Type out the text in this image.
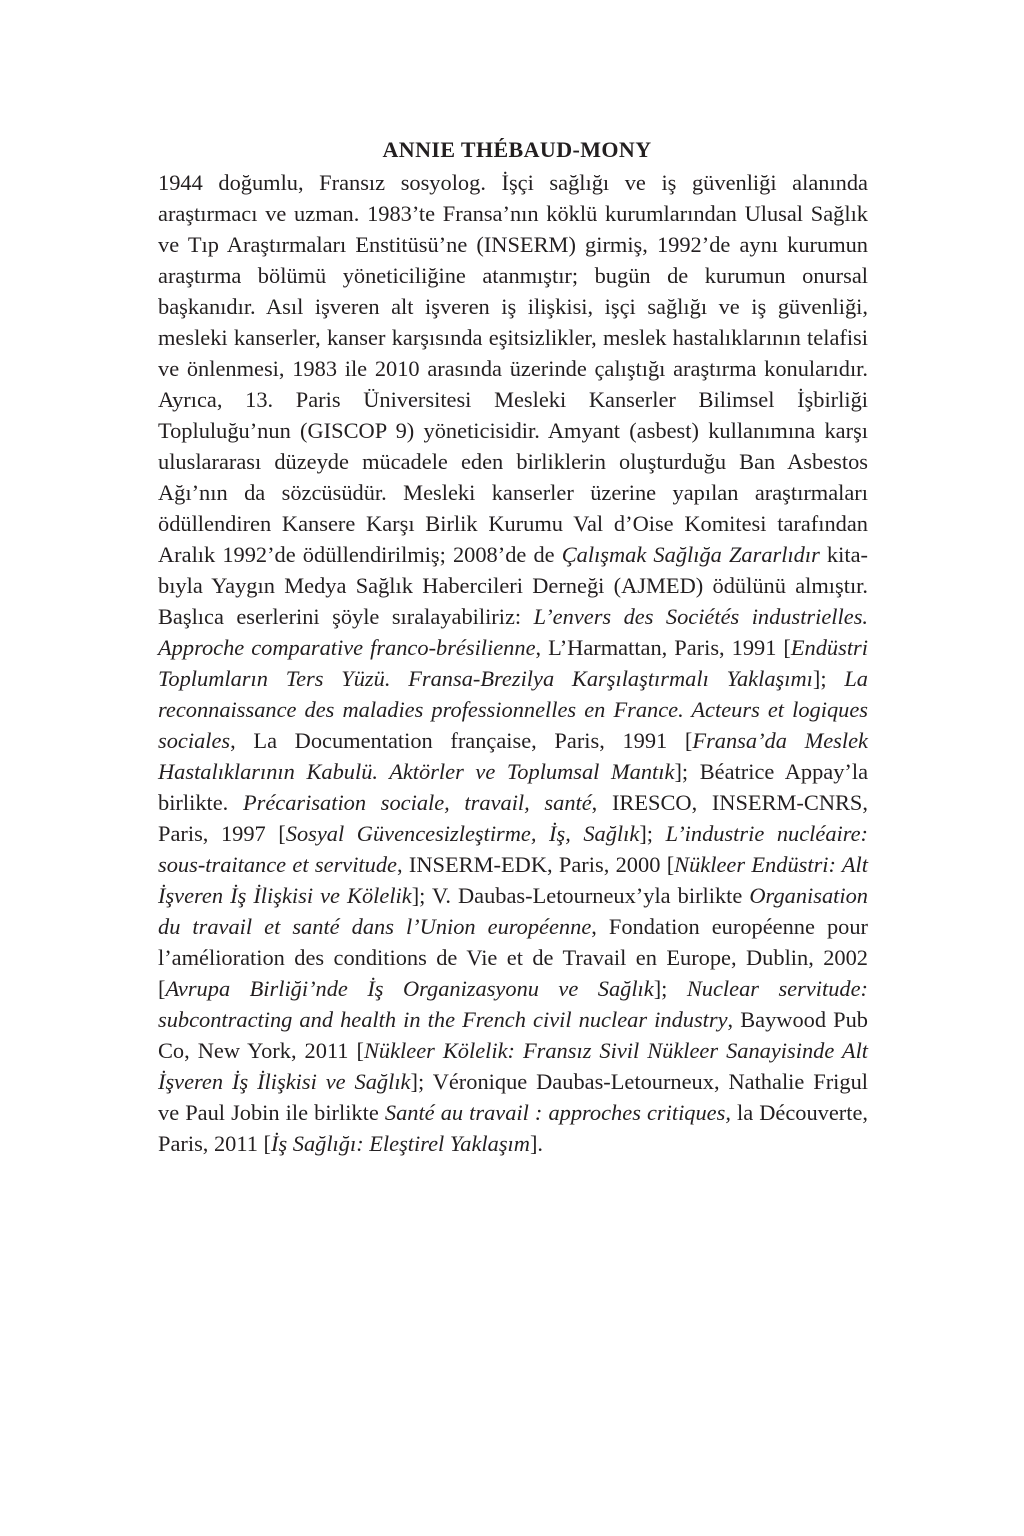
ANNIE THÉBAUD-MONY

1944 doğumlu, Fransız sosyolog. İşçi sağlığı ve iş güvenliği alanında araştırmacı ve uzman. 1983’te Fransa’nın köklü kurumlarından Ulusal Sağlık ve Tıp Araştırmaları Enstitüsü’ne (INSERM) girmiş, 1992’de aynı kurumun araştırma bölümü yöneticiliğine atanmıştır; bugün de kurumun onursal başkanıdır. Asıl işveren alt işveren iş ilişkisi, işçi sağlığı ve iş güvenliği, mesleki kanserler, kanser karşısında eşitsizlikler, meslek hastalıklarının telafisi ve önlenmesi, 1983 ile 2010 arasında üzerinde çalıştığı araştırma konularıdır. Ayrıca, 13. Paris Üniversitesi Mesleki Kanserler Bilimsel İşbirliği Topluluğu’nun (GISCOP 9) yöneticisidir. Amyant (asbest) kullanımına karşı uluslararası düzeyde mücadele eden birliklerin oluşturduğu Ban Asbestos Ağı’nın da sözcüsüdür. Mesleki kanserler üzerine yapılan araştırmaları ödüllendiren Kansere Karşı Birlik Kurumu Val d’Oise Komitesi tarafından Aralık 1992’de ödüllendirilmiş; 2008’de de Çalışmak Sağlığa Zararlıdır kitabıyla Yaygın Medya Sağlık Habercileri Derneği (AJMED) ödülünü almıştır. Başlıca eserlerini şöyle sıralayabiliriz: L’envers des Sociétés industrielles. Approche comparative franco-brésilienne, L’Harmattan, Paris, 1991 [Endüstri Toplumların Ters Yüzü. Fransa-Brezilya Karşılaştırmalı Yaklaşımı]; La reconnaissance des maladies professionnelles en France. Acteurs et logiques sociales, La Documentation française, Paris, 1991 [Fransa’da Meslek Hastalıklarının Kabulü. Aktörler ve Toplumsal Mantık]; Béatrice Appay’la birlikte. Précarisation sociale, travail, santé, IRESCO, INSERM-CNRS, Paris, 1997 [Sosyal Güvencesizleştirme, İş, Sağlık]; L’industrie nucléaire: sous-traitance et servitude, INSERM-EDK, Paris, 2000 [Nükleer Endüstri: Alt İşveren İş İlişkisi ve Kölelik]; V. Daubas-Letourneux’yla birlikte Organisation du travail et santé dans l’Union européenne, Fondation européenne pour l’amélioration des conditions de Vie et de Travail en Europe, Dublin, 2002 [Avrupa Birliği’nde İş Organizasyonu ve Sağlık]; Nuclear servitude: subcontracting and health in the French civil nuclear industry, Baywood Pub Co, New York, 2011 [Nükleer Kölelik: Fransız Sivil Nükleer Sanayisinde Alt İşveren İş İlişkisi ve Sağlık]; Véronique Daubas-Letourneux, Nathalie Frigul ve Paul Jobin ile birlikte Santé au travail : approches critiques, la Découverte, Paris, 2011 [İş Sağlığı: Eleştirel Yaklaşım].
